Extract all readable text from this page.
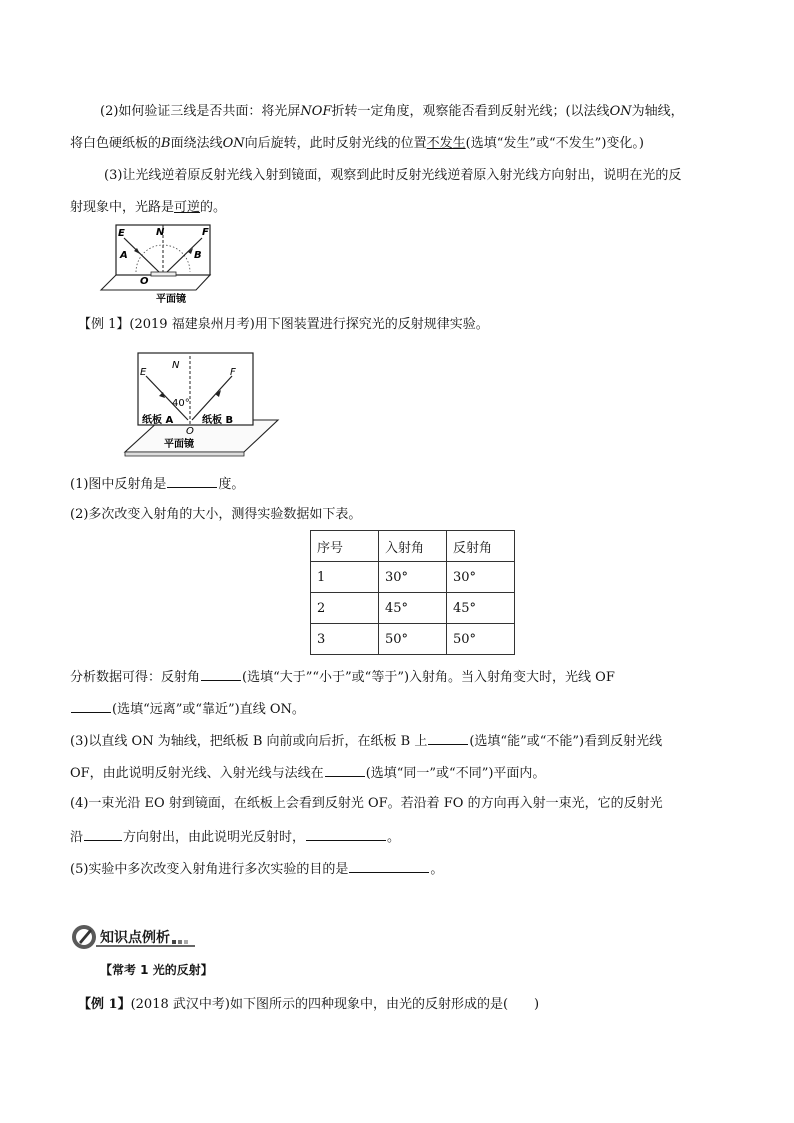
(2)如何验证三线是否共面：将光屏NOF折转一定角度，观察能否看到反射光线；(以法线ON为轴线，
将白色硬纸板的B面绕法线ON向后旋转，此时反射光线的位置不发生(选填“发生”或“不发生”)变化。)
(3)让光线逆着原反射光线入射到镜面，观察到此时反射光线逆着原入射光线方向射出，说明在光的反
射现象中，光路是可逆的。
E	N	F
A	B
O
平面镜
【例 1】(2019 福建泉州月考)用下图装置进行探究光的反射规律实验。
N
E	F
40°
纸板 A	纸板 B
O
平面镜
(1)图中反射角是	度。
(2)多次改变入射角的大小，测得实验数据如下表。
序号	入射角	反射角
1	30°	30°
2	45°	45°
3	50°	50°
分析数据可得：反射角	(选填“大于”“小于”或“等于”)入射角。当入射角变大时，光线 OF
(选填“远离”或“靠近”)直线 ON。
(3)以直线 ON 为轴线，把纸板 B 向前或向后折，在纸板 B 上	(选填“能”或“不能”)看到反射光线
OF，由此说明反射光线、入射光线与法线在	(选填“同一”或“不同”)平面内。
(4)一束光沿 EO 射到镜面，在纸板上会看到反射光 OF。若沿着 FO 的方向再入射一束光，它的反射光
沿	方向射出，由此说明光反射时，	。
(5)实验中多次改变入射角进行多次实验的目的是	。
知识点例析
【常考 1 光的反射】
【例 1】(2018 武汉中考)如下图所示的四种现象中，由光的反射形成的是(　　)
